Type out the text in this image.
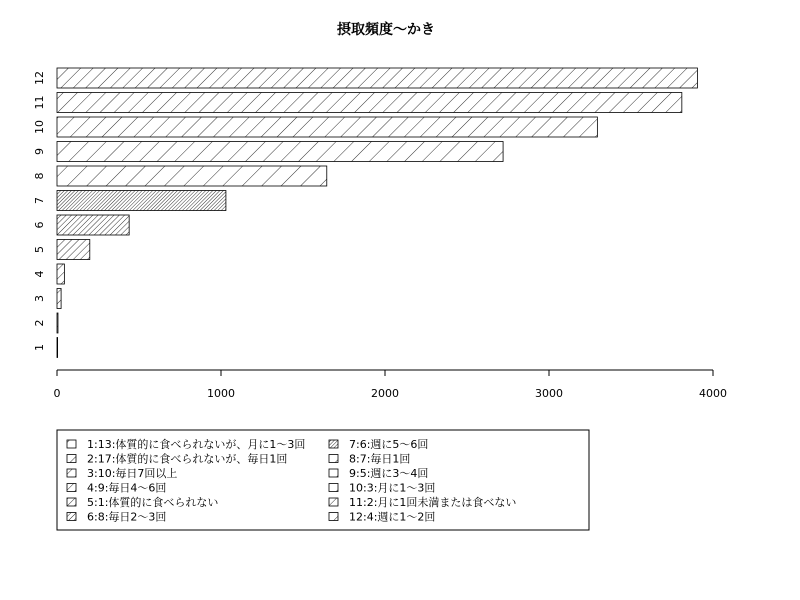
摂取頻度〜かき
1
2
3
4
5
6
7
8
9
10
11
12
0	1000	2000	3000	4000
1:13:体質的に食べられないが、月に1〜3回
2:17:体質的に食べられないが、毎日1回
3:10:毎日7回以上
4:9:毎日4〜6回
5:1:体質的に食べられない
6:8:毎日2〜3回
7:6:週に5〜6回
8:7:毎日1回
9:5:週に3〜4回
10:3:月に1〜3回
11:2:月に1回未満または食べない
12:4:週に1〜2回
